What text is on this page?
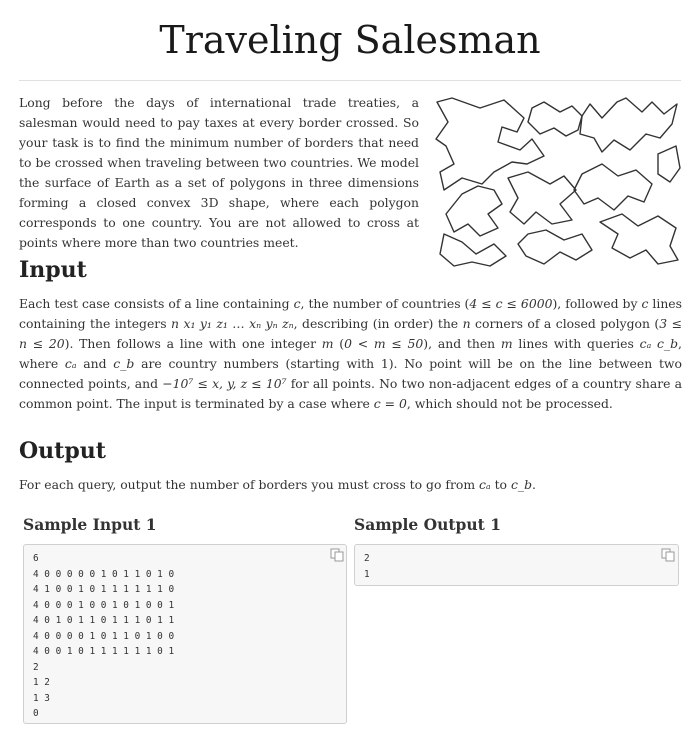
Traveling Salesman

Long before the days of international trade treaties, a salesman would need to pay taxes at every border crossed. So your task is to find the minimum number of borders that need to be crossed when traveling between two countries. We model the surface of Earth as a set of polygons in three dimensions forming a closed convex 3D shape, where each polygon corresponds to one country. You are not allowed to cross at points where more than two countries meet.

Input

Each test case consists of a line containing c, the number of countries (4 ≤ c ≤ 6000), followed by c lines containing the integers n x₁ y₁ z₁ … xₙ yₙ zₙ, describing (in order) the n corners of a closed polygon (3 ≤ n ≤ 20). Then follows a line with one integer m (0 < m ≤ 50), and then m lines with queries cₐ c_b, where cₐ and c_b are country numbers (starting with 1). No point will be on the line between two connected points, and −10⁷ ≤ x, y, z ≤ 10⁷ for all points. No two non-adjacent edges of a country share a common point. The input is terminated by a case where c = 0, which should not be processed.

Output

For each query, output the number of borders you must cross to go from cₐ to c_b.

Sample Input 1	Sample Output 1
6
4 0 0 0 0 0 1 0 1 1 0 1 0
4 1 0 0 1 0 1 1 1 1 1 1 0
4 0 0 0 1 0 0 1 0 1 0 0 1
4 0 1 0 1 1 0 1 1 1 0 1 1
4 0 0 0 0 1 0 1 1 0 1 0 0
4 0 0 1 0 1 1 1 1 1 1 0 1
2
1 2
1 3
0
2
1
